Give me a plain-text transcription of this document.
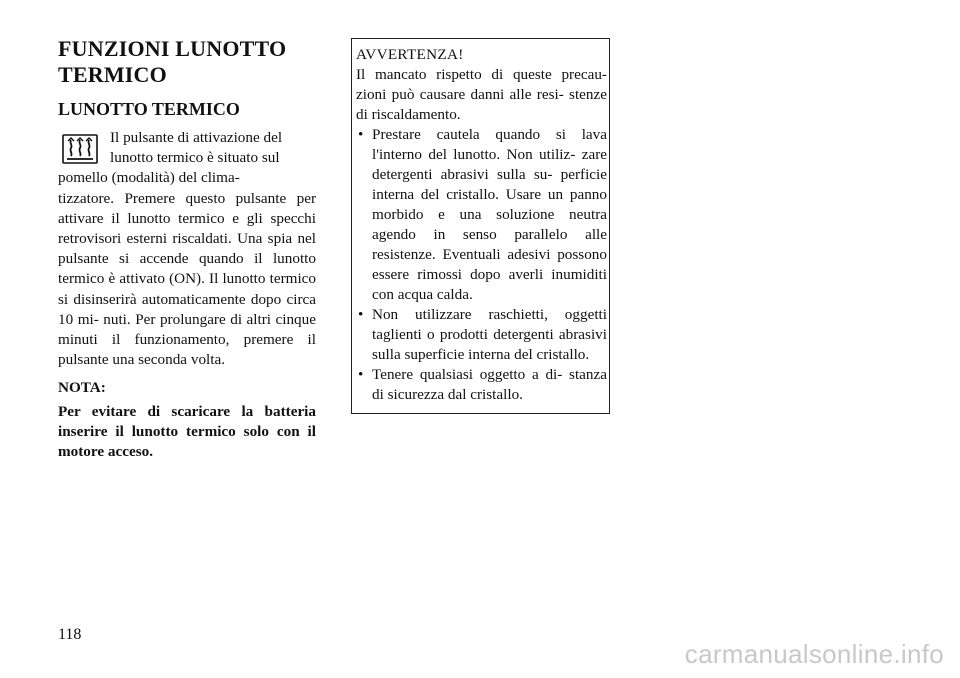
FUNZIONI LUNOTTO
TERMICO
LUNOTTO TERMICO
Il pulsante di attivazione del
lunotto termico è situato sul
pomello (modalità) del clima-
tizzatore. Premere questo pulsante per attivare il lunotto termico e gli specchi retrovisori esterni riscaldati. Una spia nel pulsante si accende quando il lunotto termico è attivato (ON). Il lunotto termico si disinserirà automaticamente dopo circa 10 mi- nuti. Per prolungare di altri cinque minuti il funzionamento, premere il pulsante una seconda volta.
NOTA:

Per evitare di scaricare la batteria inserire il lunotto termico solo con il motore acceso.

AVVERTENZA!

Il mancato rispetto di queste precau- zioni può causare danni alle resi- stenze di riscaldamento.

• Prestare cautela quando si lava l'interno del lunotto. Non utiliz- zare detergenti abrasivi sulla su- perficie interna del cristallo. Usare un panno morbido e una soluzione neutra agendo in senso parallelo alle resistenze. Eventuali adesivi possono essere rimossi dopo averli inumiditi con acqua calda.
• Non utilizzare raschietti, oggetti taglienti o prodotti detergenti abrasivi sulla superficie interna del cristallo.
• Tenere qualsiasi oggetto a di- stanza di sicurezza dal cristallo.
118
carmanualsonline.info
